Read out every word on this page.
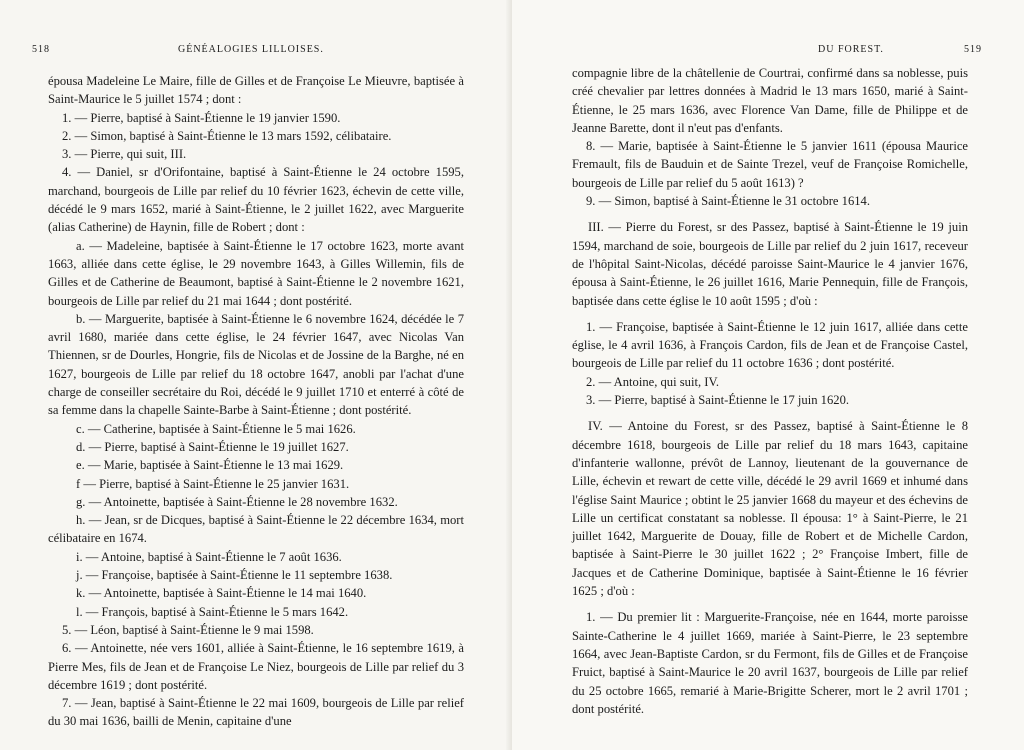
518	GÉNÉALOGIES LILLOISES.

épousa Madeleine Le Maire, fille de Gilles et de Françoise Le Mieuvre, baptisée à Saint-Maurice le 5 juillet 1574 ; dont :

1. — Pierre, baptisé à Saint-Étienne le 19 janvier 1590.

2. — Simon, baptisé à Saint-Étienne le 13 mars 1592, célibataire.

3. — Pierre, qui suit, III.

4. — Daniel, sr d'Orifontaine, baptisé à Saint-Étienne le 24 octobre 1595, marchand, bourgeois de Lille par relief du 10 février 1623, échevin de cette ville, décédé le 9 mars 1652, marié à Saint-Étienne, le 2 juillet 1622, avec Marguerite (alias Catherine) de Haynin, fille de Robert ; dont :

a. — Madeleine, baptisée à Saint-Étienne le 17 octobre 1623, morte avant 1663, alliée dans cette église, le 29 novembre 1643, à Gilles Willemin, fils de Gilles et de Catherine de Beaumont, baptisé à Saint-Étienne le 2 novembre 1621, bourgeois de Lille par relief du 21 mai 1644 ; dont postérité.

b. — Marguerite, baptisée à Saint-Étienne le 6 novembre 1624, décédée le 7 avril 1680, mariée dans cette église, le 24 février 1647, avec Nicolas Van Thiennen, sr de Dourles, Hongrie, fils de Nicolas et de Jossine de la Barghe, né en 1627, bourgeois de Lille par relief du 18 octobre 1647, anobli par l'achat d'une charge de conseiller secrétaire du Roi, décédé le 9 juillet 1710 et enterré à côté de sa femme dans la chapelle Sainte-Barbe à Saint-Étienne ; dont postérité.

c. — Catherine, baptisée à Saint-Étienne le 5 mai 1626.

d. — Pierre, baptisé à Saint-Étienne le 19 juillet 1627.

e. — Marie, baptisée à Saint-Étienne le 13 mai 1629.

f — Pierre, baptisé à Saint-Étienne le 25 janvier 1631.

g. — Antoinette, baptisée à Saint-Étienne le 28 novembre 1632.

h. — Jean, sr de Dicques, baptisé à Saint-Étienne le 22 décembre 1634, mort célibataire en 1674.

i. — Antoine, baptisé à Saint-Étienne le 7 août 1636.

j. — Françoise, baptisée à Saint-Étienne le 11 septembre 1638.

k. — Antoinette, baptisée à Saint-Étienne le 14 mai 1640.

l. — François, baptisé à Saint-Étienne le 5 mars 1642.

5. — Léon, baptisé à Saint-Étienne le 9 mai 1598.

6. — Antoinette, née vers 1601, alliée à Saint-Étienne, le 16 septembre 1619, à Pierre Mes, fils de Jean et de Françoise Le Niez, bourgeois de Lille par relief du 3 décembre 1619 ; dont postérité.

7. — Jean, baptisé à Saint-Étienne le 22 mai 1609, bourgeois de Lille par relief du 30 mai 1636, bailli de Menin, capitaine d'une

DU FOREST.	519

compagnie libre de la châtellenie de Courtrai, confirmé dans sa noblesse, puis créé chevalier par lettres données à Madrid le 13 mars 1650, marié à Saint-Étienne, le 25 mars 1636, avec Florence Van Dame, fille de Philippe et de Jeanne Barette, dont il n'eut pas d'enfants.

8. — Marie, baptisée à Saint-Étienne le 5 janvier 1611 (épousa Maurice Fremault, fils de Bauduin et de Sainte Trezel, veuf de Françoise Romichelle, bourgeois de Lille par relief du 5 août 1613) ?

9. — Simon, baptisé à Saint-Étienne le 31 octobre 1614.

III. — Pierre du Forest, sr des Passez, baptisé à Saint-Étienne le 19 juin 1594, marchand de soie, bourgeois de Lille par relief du 2 juin 1617, receveur de l'hôpital Saint-Nicolas, décédé paroisse Saint-Maurice le 4 janvier 1676, épousa à Saint-Étienne, le 26 juillet 1616, Marie Pennequin, fille de François, baptisée dans cette église le 10 août 1595 ; d'où :

1. — Françoise, baptisée à Saint-Étienne le 12 juin 1617, alliée dans cette église, le 4 avril 1636, à François Cardon, fils de Jean et de Françoise Castel, bourgeois de Lille par relief du 11 octobre 1636 ; dont postérité.

2. — Antoine, qui suit, IV.

3. — Pierre, baptisé à Saint-Étienne le 17 juin 1620.

IV. — Antoine du Forest, sr des Passez, baptisé à Saint-Étienne le 8 décembre 1618, bourgeois de Lille par relief du 18 mars 1643, capitaine d'infanterie wallonne, prévôt de Lannoy, lieutenant de la gouvernance de Lille, échevin et rewart de cette ville, décédé le 29 avril 1669 et inhumé dans l'église Saint Maurice ; obtint le 25 janvier 1668 du mayeur et des échevins de Lille un certificat constatant sa noblesse. Il épousa: 1° à Saint-Pierre, le 21 juillet 1642, Marguerite de Douay, fille de Robert et de Michelle Cardon, baptisée à Saint-Pierre le 30 juillet 1622 ; 2° Françoise Imbert, fille de Jacques et de Catherine Dominique, baptisée à Saint-Étienne le 16 février 1625 ; d'où :

1. — Du premier lit : Marguerite-Françoise, née en 1644, morte paroisse Sainte-Catherine le 4 juillet 1669, mariée à Saint-Pierre, le 23 septembre 1664, avec Jean-Baptiste Cardon, sr du Fermont, fils de Gilles et de Françoise Fruict, baptisé à Saint-Maurice le 20 avril 1637, bourgeois de Lille par relief du 25 octobre 1665, remarié à Marie-Brigitte Scherer, mort le 2 avril 1701 ; dont postérité.
